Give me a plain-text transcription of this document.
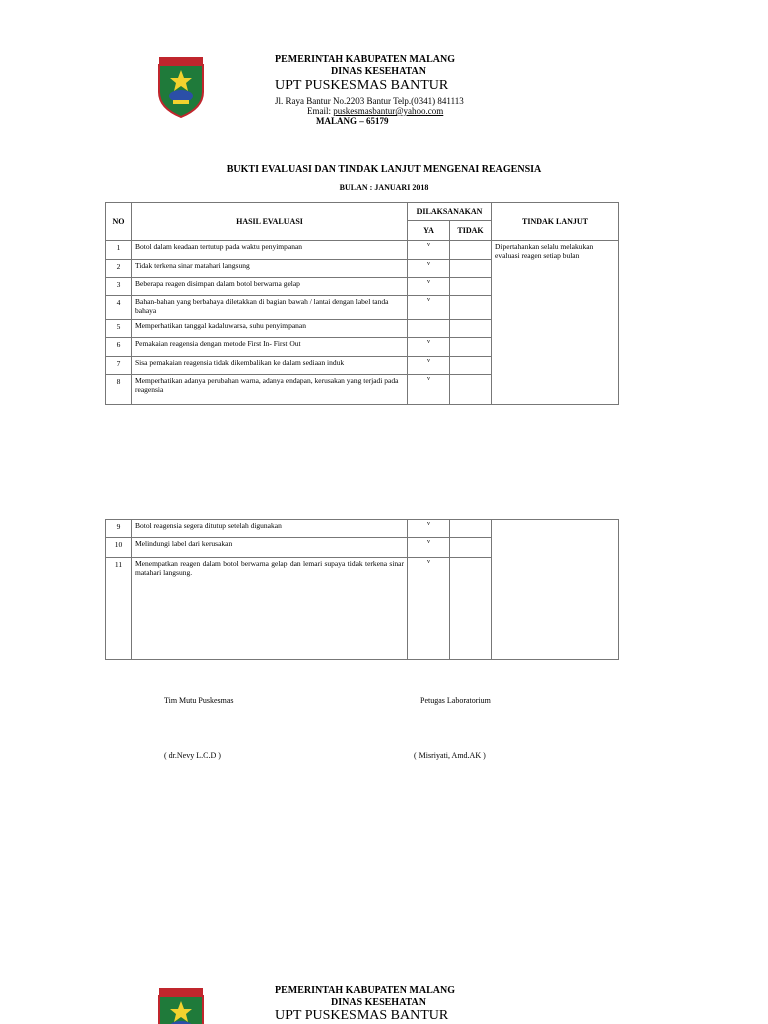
PEMERINTAH KABUPATEN MALANG
DINAS KESEHATAN
UPT PUSKESMAS BANTUR
Jl. Raya Bantur No.2203 Bantur Telp.(0341) 841113
Email: puskesmasbantur@yahoo.com
MALANG – 65179
BUKTI EVALUASI DAN TINDAK LANJUT MENGENAI REAGENSIA
BULAN : JANUARI 2018
NO	HASIL EVALUASI	DILAKSANAKAN		TINDAK LANJUT
		YA	TIDAK	
1	Botol dalam keadaan tertutup pada waktu penyimpanan	v		Dipertahankan selalu melakukan evaluasi reagen setiap bulan
2	Tidak terkena sinar matahari langsung	v		
3	Beberapa reagen disimpan dalam botol berwarna gelap	v		
4	Bahan-bahan yang berbahaya diletakkan di bagian bawah / lantai dengan label tanda bahaya	v		
5	Memperhatikan tanggal kadaluwarsa, suhu penyimpanan			
6	Pemakaian reagensia dengan metode First In- First Out	v		
7	Sisa pemakaian reagensia tidak dikembalikan ke dalam sediaan induk	v		
8	Memperhatikan adanya perubahan warna, adanya endapan, kerusakan yang terjadi pada reagensia	v		
9	Botol reagensia segera ditutup setelah digunakan	v		
10	Melindungi label dari kerusakan	v		
11	Menempatkan reagen dalam botol berwarna gelap dan lemari supaya tidak terkena sinar matahari langsung.	v		
Tim Mutu Puskesmas	Petugas Laboratorium
( dr.Nevy L.C.D )	( Misriyati, Amd.AK )
PEMERINTAH KABUPATEN MALANG
DINAS KESEHATAN
UPT PUSKESMAS BANTUR
